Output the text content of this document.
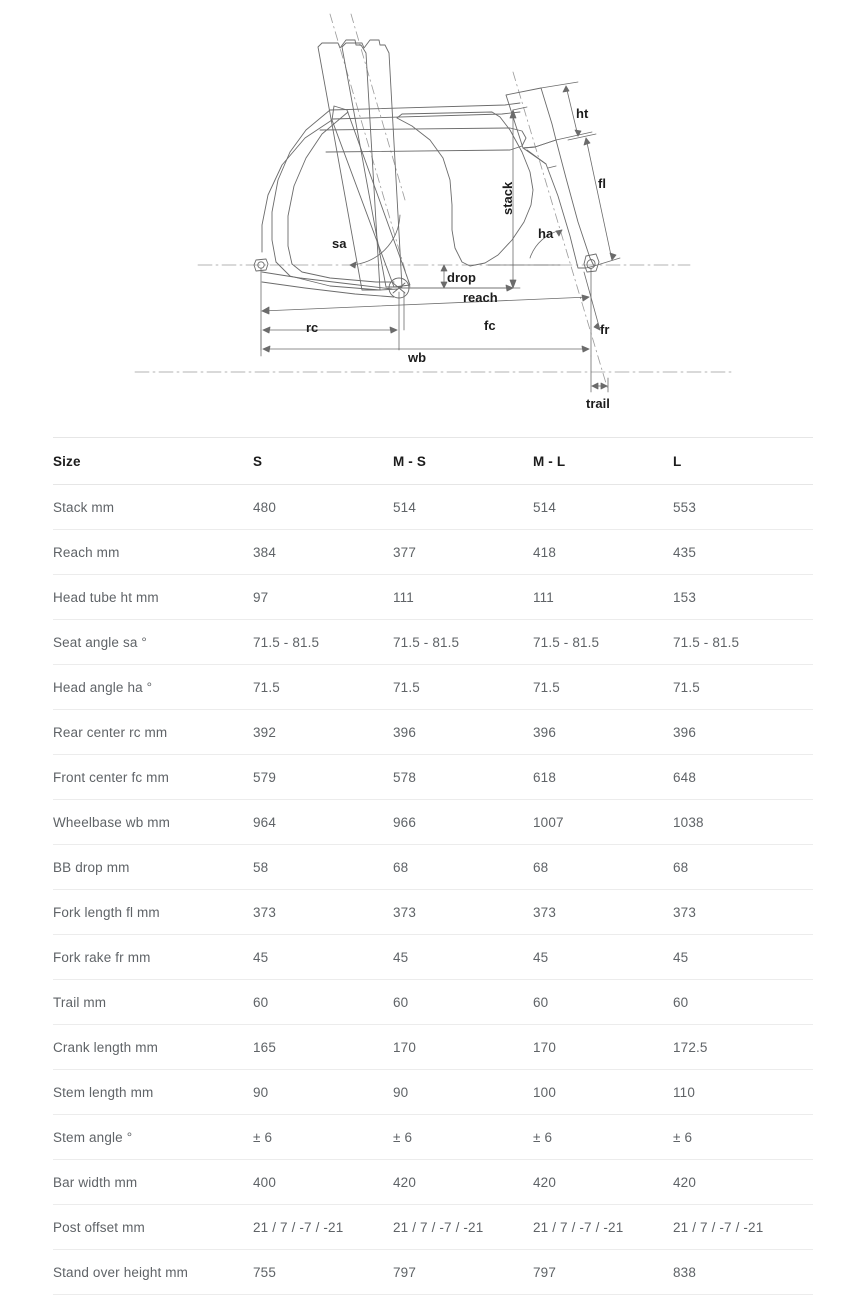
ht
fl
stack
ha
sa
drop
reach
rc	fc	fr
wb
trail
Size	S	M - S	M - L	L
Stack mm	480	514	514	553
Reach mm	384	377	418	435
Head tube ht mm	97	111	111	153
Seat angle sa °	71.5 - 81.5	71.5 - 81.5	71.5 - 81.5	71.5 - 81.5
Head angle ha °	71.5	71.5	71.5	71.5
Rear center rc mm	392	396	396	396
Front center fc mm	579	578	618	648
Wheelbase wb mm	964	966	1007	1038
BB drop mm	58	68	68	68
Fork length fl mm	373	373	373	373
Fork rake fr mm	45	45	45	45
Trail mm	60	60	60	60
Crank length mm	165	170	170	172.5
Stem length mm	90	90	100	110
Stem angle °	± 6	± 6	± 6	± 6
Bar width mm	400	420	420	420
Post offset mm	21 / 7 / -7 / -21	21 / 7 / -7 / -21	21 / 7 / -7 / -21	21 / 7 / -7 / -21
Stand over height mm	755	797	797	838
